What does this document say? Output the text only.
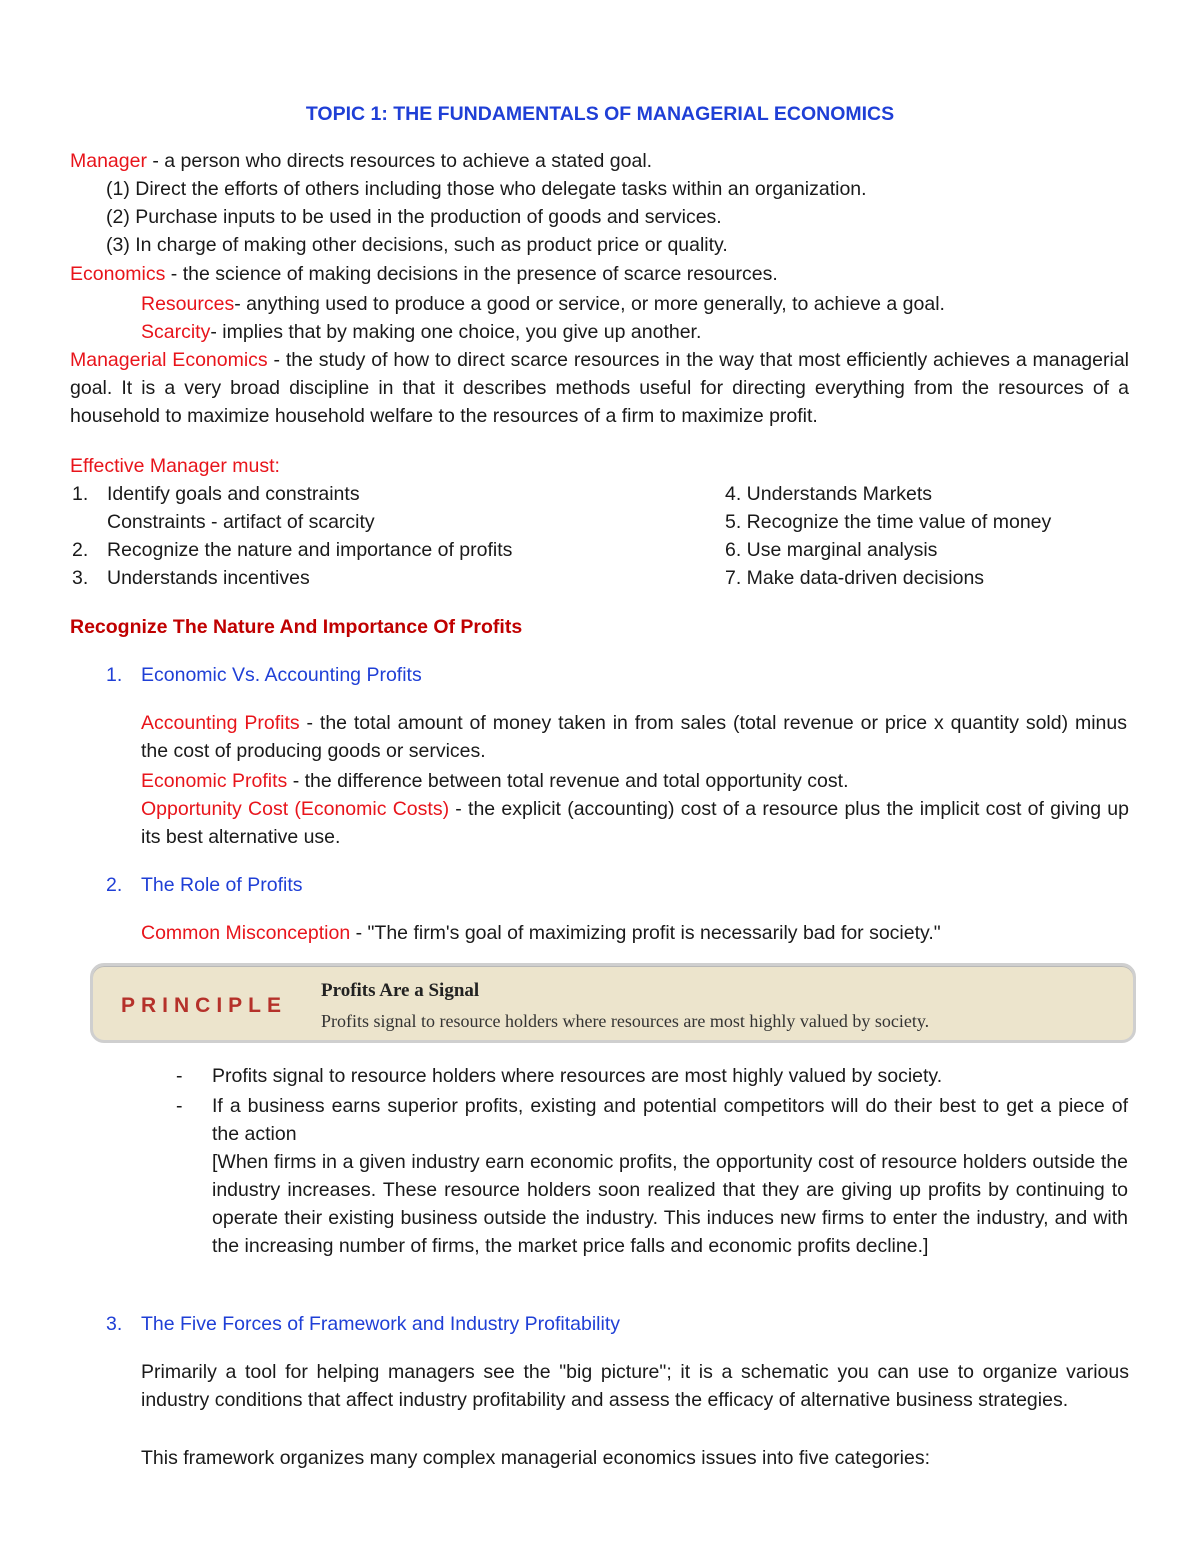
TOPIC 1: THE FUNDAMENTALS OF MANAGERIAL ECONOMICS
Manager - a person who directs resources to achieve a stated goal.
(1) Direct the efforts of others including those who delegate tasks within an organization.
(2) Purchase inputs to be used in the production of goods and services.
(3) In charge of making other decisions, such as product price or quality.
Economics - the science of making decisions in the presence of scarce resources.
Resources- anything used to produce a good or service, or more generally, to achieve a goal.
Scarcity- implies that by making one choice, you give up another.
Managerial Economics - the study of how to direct scarce resources in the way that most efficiently achieves a managerial goal. It is a very broad discipline in that it describes methods useful for directing everything from the resources of a household to maximize household welfare to the resources of a firm to maximize profit.
Effective Manager must:
1. Identify goals and constraints
Constraints - artifact of scarcity
2. Recognize the nature and importance of profits
3. Understands incentives
4. Understands Markets
5. Recognize the time value of money
6. Use marginal analysis
7. Make data-driven decisions
Recognize The Nature And Importance Of Profits
1. Economic Vs. Accounting Profits
Accounting Profits - the total amount of money taken in from sales (total revenue or price x quantity sold) minus the cost of producing goods or services.
Economic Profits - the difference between total revenue and total opportunity cost.
Opportunity Cost (Economic Costs) - the explicit (accounting) cost of a resource plus the implicit cost of giving up its best alternative use.
2. The Role of Profits
Common Misconception - "The firm's goal of maximizing profit is necessarily bad for society."
PRINCIPLE
Profits Are a Signal
Profits signal to resource holders where resources are most highly valued by society.
- Profits signal to resource holders where resources are most highly valued by society.
- If a business earns superior profits, existing and potential competitors will do their best to get a piece of the action
[When firms in a given industry earn economic profits, the opportunity cost of resource holders outside the industry increases. These resource holders soon realized that they are giving up profits by continuing to operate their existing business outside the industry. This induces new firms to enter the industry, and with the increasing number of firms, the market price falls and economic profits decline.]
3. The Five Forces of Framework and Industry Profitability
Primarily a tool for helping managers see the "big picture"; it is a schematic you can use to organize various industry conditions that affect industry profitability and assess the efficacy of alternative business strategies.
This framework organizes many complex managerial economics issues into five categories:
